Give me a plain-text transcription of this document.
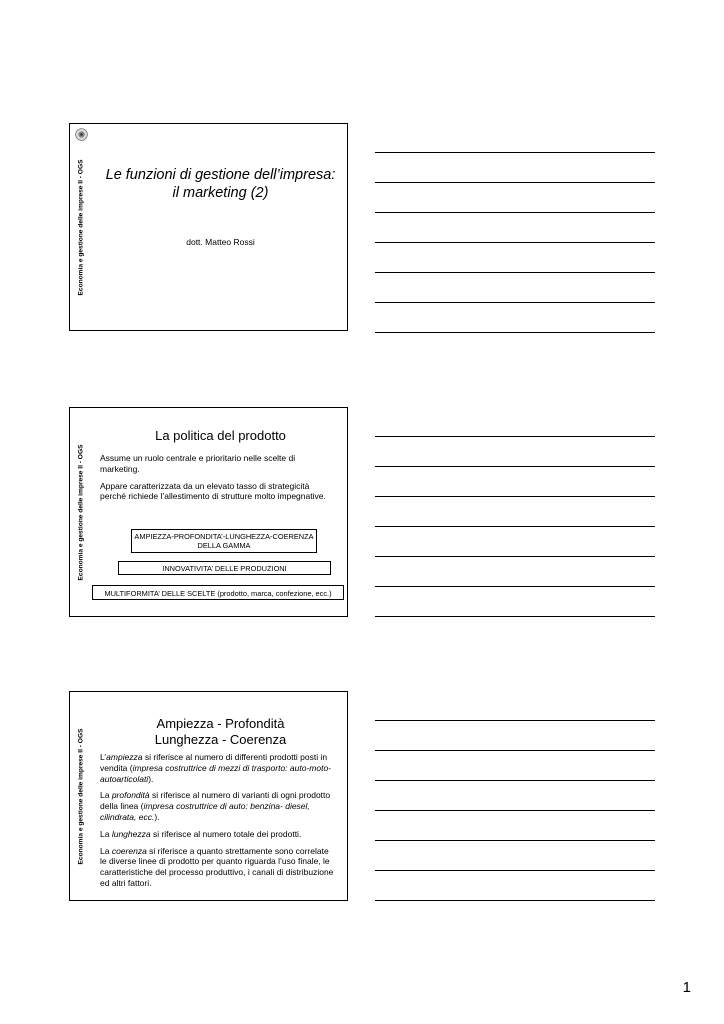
Economia e gestione delle imprese II - OGS	Le funzioni di gestione dell’impresa:
il marketing (2)
dott. Matteo Rossi
Economia e gestione delle imprese II - OGS
La politica del prodotto

Assume un ruolo centrale e prioritario nelle scelte di marketing.

Appare caratterizzata da un elevato tasso di strategicità perché richiede l’allestimento di strutture molto impegnative.

AMPIEZZA-PROFONDITA’-LUNGHEZZA-COERENZA DELLA GAMMA
INNOVATIVITA’ DELLE PRODUZIONI
MULTIFORMITA’ DELLE SCELTE (prodotto, marca, confezione, ecc.)
Economia e gestione delle imprese II - OGS
Ampiezza - Profondità
Lunghezza - Coerenza

L’ampiezza si riferisce al numero di differenti prodotti posti in vendita (impresa costruttrice di mezzi di trasporto: auto-moto-autoarticolati).

La profondità si riferisce al numero di varianti di ogni prodotto della linea (impresa costruttrice di auto: benzina- diesel, cilindrata, ecc.).

La lunghezza si riferisce al numero totale dei prodotti.

La coerenza si riferisce a quanto strettamente sono correlate le diverse linee di prodotto per quanto riguarda l’uso finale, le caratteristiche del processo produttivo, i canali di distribuzione ed altri fattori.

1
